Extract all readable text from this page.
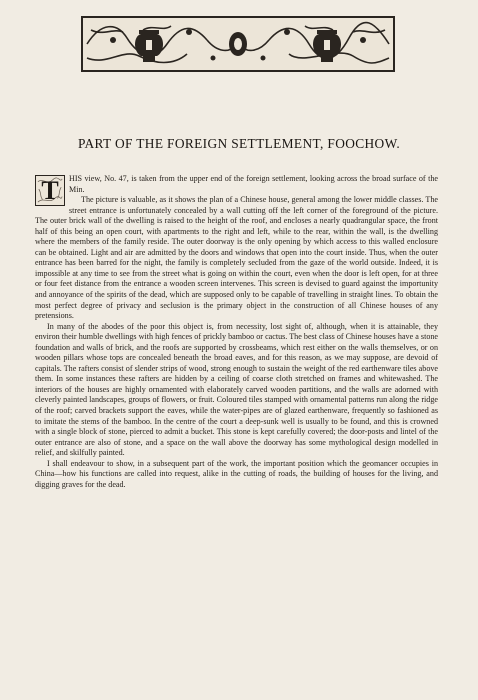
PART OF THE FOREIGN SETTLEMENT, FOOCHOW.

T	HIS view, No. 47, is taken from the upper end of the foreign settlement, looking across the broad surface of the Min.

The picture is valuable, as it shows the plan of a Chinese house, general among the lower middle classes. The street entrance is unfortunately concealed by a wall cutting off the left corner of the foreground of the picture. The outer brick wall of the dwelling is raised to the height of the roof, and encloses a nearly quadrangular space, the front half of this being an open court, with apartments to the right and left, while to the rear, within the wall, is the dwelling where the members of the family reside. The outer doorway is the only opening by which access to this walled enclosure can be obtained. Light and air are admitted by the doors and windows that open into the court inside. Thus, when the outer entrance has been barred for the night, the family is completely secluded from the gaze of the world outside. Indeed, it is impossible at any time to see from the street what is going on within the court, even when the door is left open, for at three or four feet distance from the entrance a wooden screen intervenes. This screen is devised to guard against the importunity and annoyance of the spirits of the dead, which are supposed only to be capable of travelling in straight lines. To obtain the most perfect degree of privacy and seclusion is the primary object in the construction of all Chinese houses of any pretensions.

In many of the abodes of the poor this object is, from necessity, lost sight of, although, when it is attainable, they environ their humble dwellings with high fences of prickly bamboo or cactus. The best class of Chinese houses have a stone foundation and walls of brick, and the roofs are supported by crossbeams, which rest either on the walls themselves, or on wooden pillars whose tops are concealed beneath the broad eaves, and for this reason, as we may suppose, are devoid of capitals. The rafters consist of slender strips of wood, strong enough to sustain the weight of the red earthenware tiles above them. In some instances these rafters are hidden by a ceiling of coarse cloth stretched on frames and whitewashed. The interiors of the houses are highly ornamented with elaborately carved wooden partitions, and the walls are adorned with cleverly painted landscapes, groups of flowers, or fruit. Coloured tiles stamped with ornamental patterns run along the ridge of the roof; carved brackets support the eaves, while the water-pipes are of glazed earthenware, frequently so fashioned as to imitate the stems of the bamboo. In the centre of the court a deep-sunk well is usually to be found, and this is crowned with a single block of stone, pierced to admit a bucket. This stone is kept carefully covered; the door-posts and lintel of the outer entrance are also of stone, and a space on the wall above the doorway has some mythological design modelled in relief, and skilfully painted.

I shall endeavour to show, in a subsequent part of the work, the important position which the geomancer occupies in China—how his functions are called into request, alike in the cutting of roads, the building of houses for the living, and digging graves for the dead.
